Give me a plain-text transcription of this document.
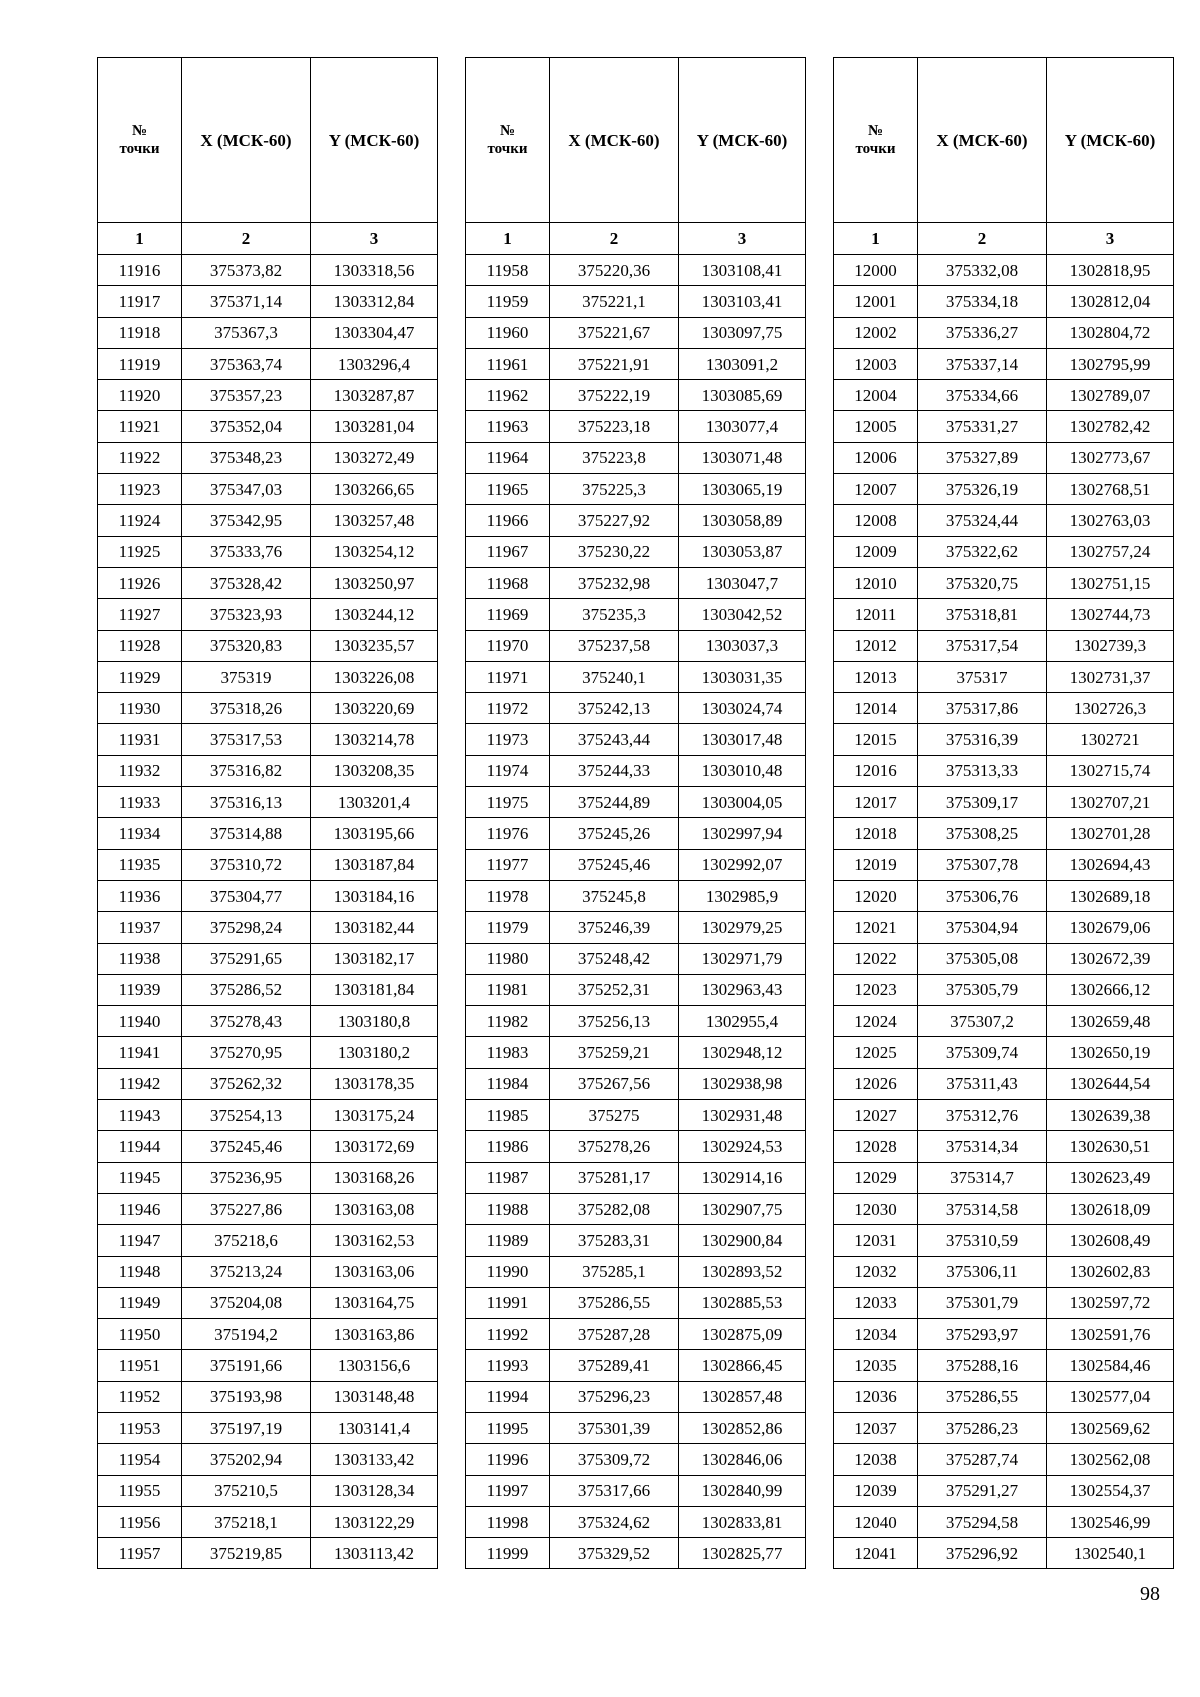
№
точки	X (МСК-60)	Y (МСК-60)
1	2	3
11916	375373,82	1303318,56
11917	375371,14	1303312,84
11918	375367,3	1303304,47
11919	375363,74	1303296,4
11920	375357,23	1303287,87
11921	375352,04	1303281,04
11922	375348,23	1303272,49
11923	375347,03	1303266,65
11924	375342,95	1303257,48
11925	375333,76	1303254,12
11926	375328,42	1303250,97
11927	375323,93	1303244,12
11928	375320,83	1303235,57
11929	375319	1303226,08
11930	375318,26	1303220,69
11931	375317,53	1303214,78
11932	375316,82	1303208,35
11933	375316,13	1303201,4
11934	375314,88	1303195,66
11935	375310,72	1303187,84
11936	375304,77	1303184,16
11937	375298,24	1303182,44
11938	375291,65	1303182,17
11939	375286,52	1303181,84
11940	375278,43	1303180,8
11941	375270,95	1303180,2
11942	375262,32	1303178,35
11943	375254,13	1303175,24
11944	375245,46	1303172,69
11945	375236,95	1303168,26
11946	375227,86	1303163,08
11947	375218,6	1303162,53
11948	375213,24	1303163,06
11949	375204,08	1303164,75
11950	375194,2	1303163,86
11951	375191,66	1303156,6
11952	375193,98	1303148,48
11953	375197,19	1303141,4
11954	375202,94	1303133,42
11955	375210,5	1303128,34
11956	375218,1	1303122,29
11957	375219,85	1303113,42
№
точки	X (МСК-60)	Y (МСК-60)
1	2	3
11958	375220,36	1303108,41
11959	375221,1	1303103,41
11960	375221,67	1303097,75
11961	375221,91	1303091,2
11962	375222,19	1303085,69
11963	375223,18	1303077,4
11964	375223,8	1303071,48
11965	375225,3	1303065,19
11966	375227,92	1303058,89
11967	375230,22	1303053,87
11968	375232,98	1303047,7
11969	375235,3	1303042,52
11970	375237,58	1303037,3
11971	375240,1	1303031,35
11972	375242,13	1303024,74
11973	375243,44	1303017,48
11974	375244,33	1303010,48
11975	375244,89	1303004,05
11976	375245,26	1302997,94
11977	375245,46	1302992,07
11978	375245,8	1302985,9
11979	375246,39	1302979,25
11980	375248,42	1302971,79
11981	375252,31	1302963,43
11982	375256,13	1302955,4
11983	375259,21	1302948,12
11984	375267,56	1302938,98
11985	375275	1302931,48
11986	375278,26	1302924,53
11987	375281,17	1302914,16
11988	375282,08	1302907,75
11989	375283,31	1302900,84
11990	375285,1	1302893,52
11991	375286,55	1302885,53
11992	375287,28	1302875,09
11993	375289,41	1302866,45
11994	375296,23	1302857,48
11995	375301,39	1302852,86
11996	375309,72	1302846,06
11997	375317,66	1302840,99
11998	375324,62	1302833,81
11999	375329,52	1302825,77
№
точки	X (МСК-60)	Y (МСК-60)
1	2	3
12000	375332,08	1302818,95
12001	375334,18	1302812,04
12002	375336,27	1302804,72
12003	375337,14	1302795,99
12004	375334,66	1302789,07
12005	375331,27	1302782,42
12006	375327,89	1302773,67
12007	375326,19	1302768,51
12008	375324,44	1302763,03
12009	375322,62	1302757,24
12010	375320,75	1302751,15
12011	375318,81	1302744,73
12012	375317,54	1302739,3
12013	375317	1302731,37
12014	375317,86	1302726,3
12015	375316,39	1302721
12016	375313,33	1302715,74
12017	375309,17	1302707,21
12018	375308,25	1302701,28
12019	375307,78	1302694,43
12020	375306,76	1302689,18
12021	375304,94	1302679,06
12022	375305,08	1302672,39
12023	375305,79	1302666,12
12024	375307,2	1302659,48
12025	375309,74	1302650,19
12026	375311,43	1302644,54
12027	375312,76	1302639,38
12028	375314,34	1302630,51
12029	375314,7	1302623,49
12030	375314,58	1302618,09
12031	375310,59	1302608,49
12032	375306,11	1302602,83
12033	375301,79	1302597,72
12034	375293,97	1302591,76
12035	375288,16	1302584,46
12036	375286,55	1302577,04
12037	375286,23	1302569,62
12038	375287,74	1302562,08
12039	375291,27	1302554,37
12040	375294,58	1302546,99
12041	375296,92	1302540,1
98
